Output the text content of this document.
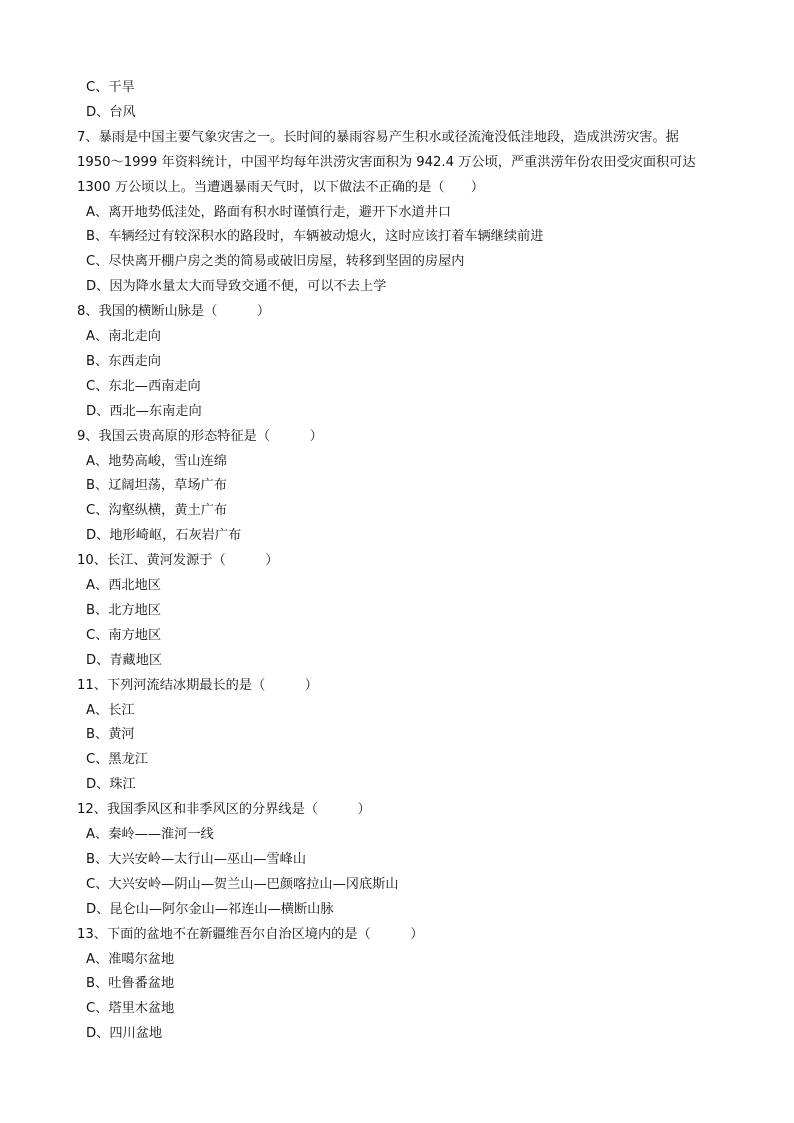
C、干旱
D、台风
7、暴雨是中国主要气象灾害之一。长时间的暴雨容易产生积水或径流淹没低洼地段，造成洪涝灾害。据
1950～1999 年资料统计，中国平均每年洪涝灾害面积为 942.4 万公顷，严重洪涝年份农田受灾面积可达
1300 万公顷以上。当遭遇暴雨天气时，以下做法不正确的是（　　）
A、离开地势低洼处，路面有积水时谨慎行走，避开下水道井口
B、车辆经过有较深积水的路段时，车辆被动熄火，这时应该打着车辆继续前进
C、尽快离开棚户房之类的简易或破旧房屋，转移到坚固的房屋内
D、因为降水量太大而导致交通不便，可以不去上学
8、我国的横断山脉是（　　　）
A、南北走向
B、东西走向
C、东北—西南走向
D、西北—东南走向
9、我国云贵高原的形态特征是（　　　）
A、地势高峻，雪山连绵
B、辽阔坦荡，草场广布
C、沟壑纵横，黄土广布
D、地形崎岖，石灰岩广布
10、长江、黄河发源于（　　　）
A、西北地区
B、北方地区
C、南方地区
D、青藏地区
11、下列河流结冰期最长的是（　　　）
A、长江
B、黄河
C、黑龙江
D、珠江
12、我国季风区和非季风区的分界线是（　　　）
A、秦岭——淮河一线
B、大兴安岭—太行山—巫山—雪峰山
C、大兴安岭—阴山—贺兰山—巴颜喀拉山—冈底斯山
D、昆仑山—阿尔金山—祁连山—横断山脉
13、下面的盆地不在新疆维吾尔自治区境内的是（　　　）
A、准噶尔盆地
B、吐鲁番盆地
C、塔里木盆地
D、四川盆地
